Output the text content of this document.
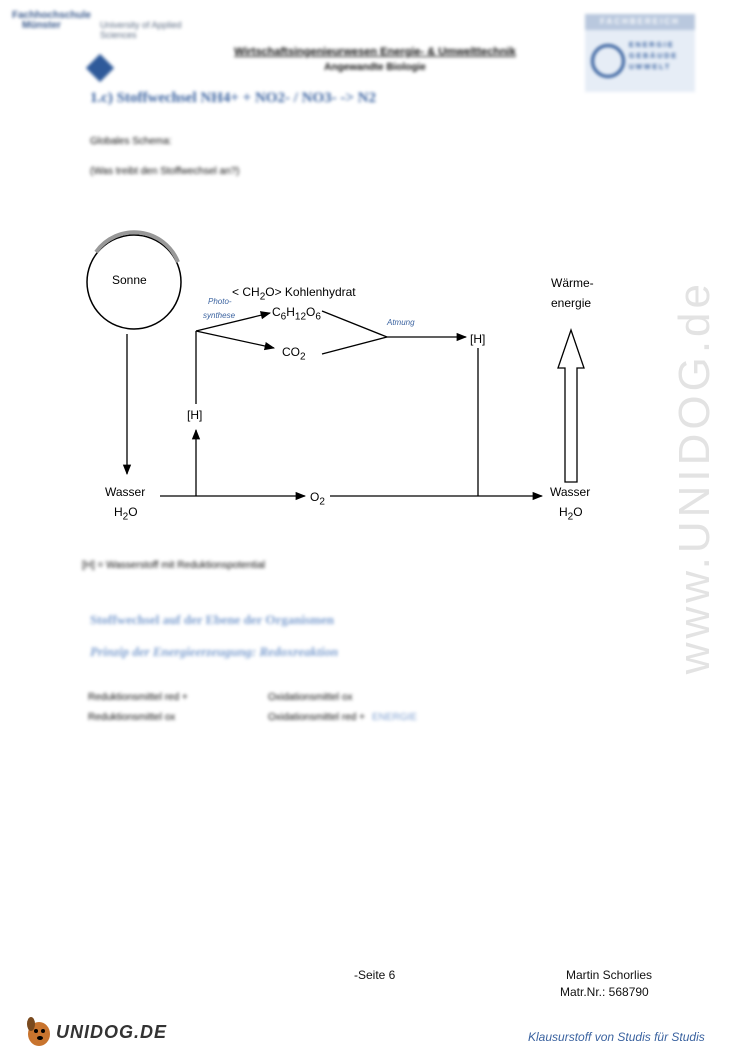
Fachhochschule
Münster	University of Applied Sciences
Wirtschaftsingenieurwesen Energie- & Umwelttechnik
Angewandte Biologie
FACHBEREICH
ENERGIE GEBÄUDE UMWELT
1.c) Stoffwechsel NH4+ + NO2- / NO3- -> N2
Globales Schema:
(Was treibt den Stoffwechsel an?)
Sonne
Photo-
synthese
< $CH_2O>$ Kohlenhydrat
$C_6H_{12}O_6$
$CO_2$
Atmung
[H]
[H]
Wärme-
energie
Wasser
$H_2O$
$O_2$
Wasser
$H_2O$
[H] = Wasserstoff mit Reduktionspotential
Stoffwechsel auf der Ebene der Organismen
Prinzip der Energieerzeugung: Redoxreaktion
Reduktionsmittel red +	Oxidationsmittel ox
Reduktionsmittel ox	Oxidationsmittel red + ENERGIE
www.UNIDOG.de
-Seite 6	Martin Schorlies
Matr.Nr.: 568790
UNIDOG.DE	Klausurstoff von Studis für Studis
